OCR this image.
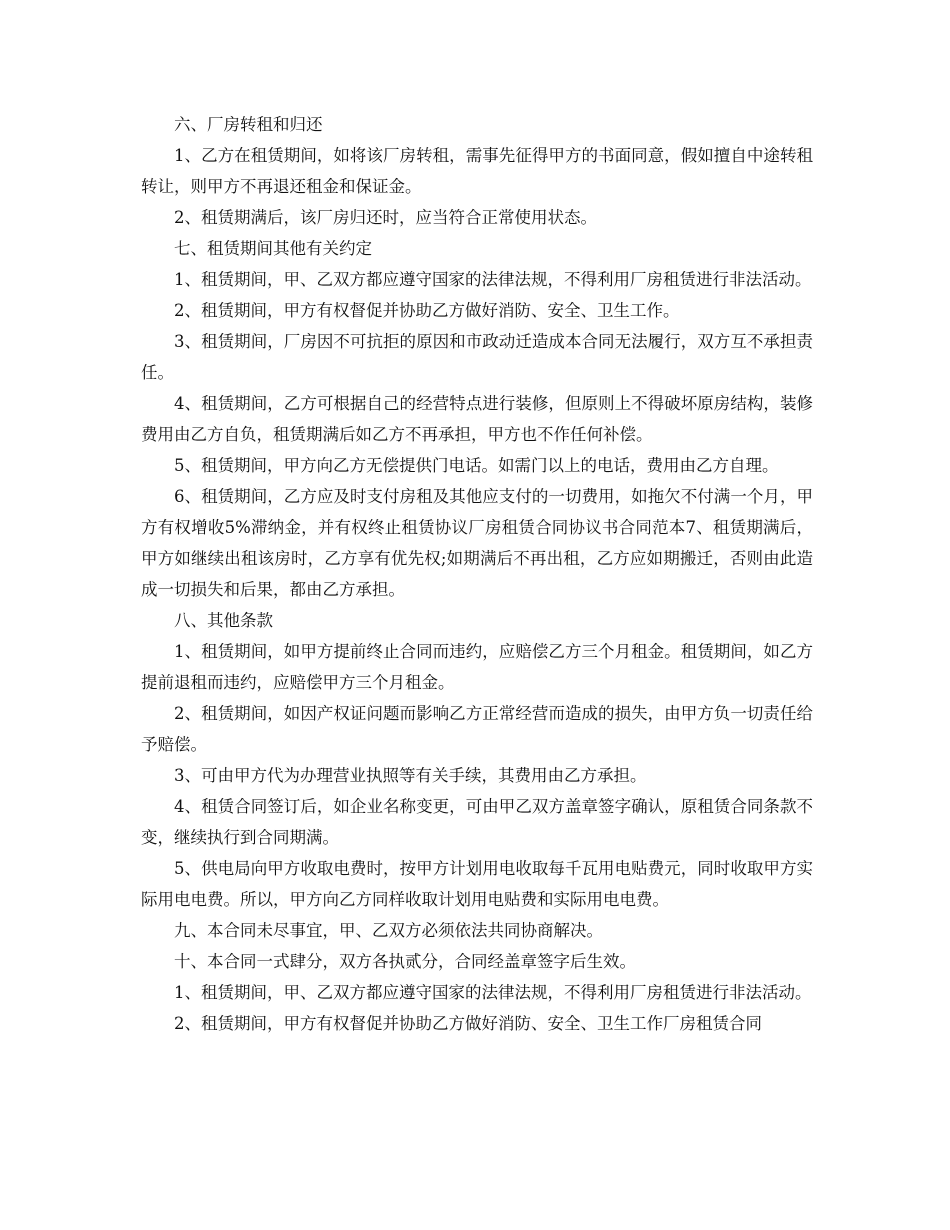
六、厂房转租和归还

1、乙方在租赁期间，如将该厂房转租，需事先征得甲方的书面同意，假如擅自中途转租转让，则甲方不再退还租金和保证金。

2、租赁期满后，该厂房归还时，应当符合正常使用状态。

七、租赁期间其他有关约定

1、租赁期间，甲、乙双方都应遵守国家的法律法规，不得利用厂房租赁进行非法活动。

2、租赁期间，甲方有权督促并协助乙方做好消防、安全、卫生工作。

3、租赁期间，厂房因不可抗拒的原因和市政动迁造成本合同无法履行，双方互不承担责任。

4、租赁期间，乙方可根据自己的经营特点进行装修，但原则上不得破坏原房结构，装修费用由乙方自负，租赁期满后如乙方不再承担，甲方也不作任何补偿。

5、租赁期间，甲方向乙方无偿提供门电话。如需门以上的电话，费用由乙方自理。

6、租赁期间，乙方应及时支付房租及其他应支付的一切费用，如拖欠不付满一个月，甲方有权增收5%滞纳金，并有权终止租赁协议厂房租赁合同协议书合同范本7、租赁期满后，甲方如继续出租该房时，乙方享有优先权;如期满后不再出租，乙方应如期搬迁，否则由此造成一切损失和后果，都由乙方承担。

八、其他条款

1、租赁期间，如甲方提前终止合同而违约，应赔偿乙方三个月租金。租赁期间，如乙方提前退租而违约，应赔偿甲方三个月租金。

2、租赁期间，如因产权证问题而影响乙方正常经营而造成的损失，由甲方负一切责任给予赔偿。

3、可由甲方代为办理营业执照等有关手续，其费用由乙方承担。

4、租赁合同签订后，如企业名称变更，可由甲乙双方盖章签字确认，原租赁合同条款不变，继续执行到合同期满。

5、供电局向甲方收取电费时，按甲方计划用电收取每千瓦用电贴费元，同时收取甲方实际用电电费。所以，甲方向乙方同样收取计划用电贴费和实际用电电费。

九、本合同未尽事宜，甲、乙双方必须依法共同协商解决。

十、本合同一式肆分，双方各执贰分，合同经盖章签字后生效。

1、租赁期间，甲、乙双方都应遵守国家的法律法规，不得利用厂房租赁进行非法活动。

2、租赁期间，甲方有权督促并协助乙方做好消防、安全、卫生工作厂房租赁合同
